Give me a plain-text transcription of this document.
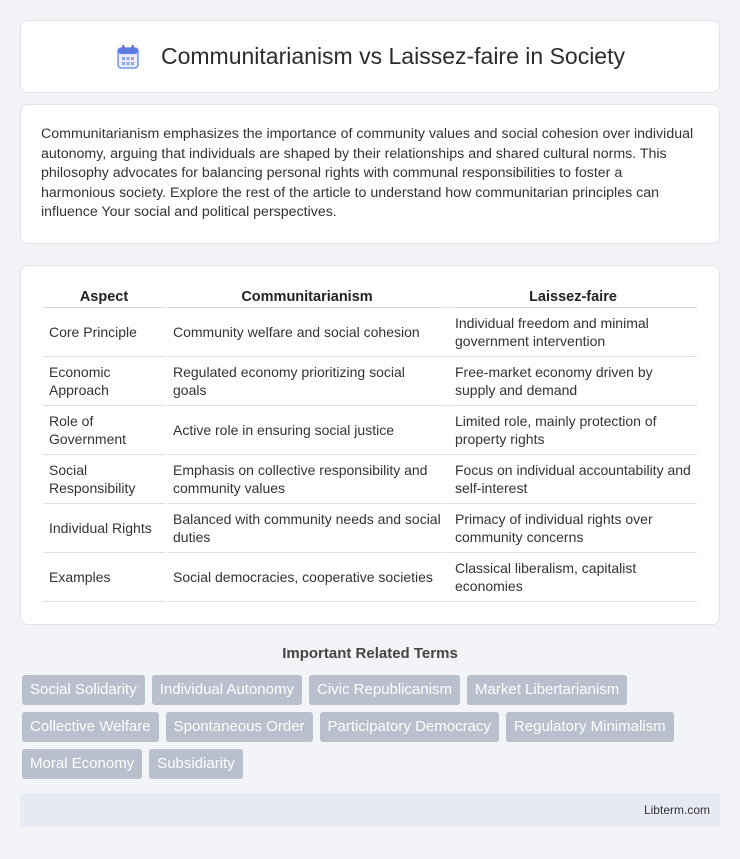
Communitarianism vs Laissez-faire in Society

Communitarianism emphasizes the importance of community values and social cohesion over individual autonomy, arguing that individuals are shaped by their relationships and shared cultural norms. This philosophy advocates for balancing personal rights with communal responsibilities to foster a harmonious society. Explore the rest of the article to understand how communitarian principles can influence Your social and political perspectives.

Aspect	Communitarianism	Laissez-faire
Core Principle	Community welfare and social cohesion	Individual freedom and minimal government intervention
Economic Approach	Regulated economy prioritizing social goals	Free-market economy driven by supply and demand
Role of Government	Active role in ensuring social justice	Limited role, mainly protection of property rights
Social Responsibility	Emphasis on collective responsibility and community values	Focus on individual accountability and self-interest
Individual Rights	Balanced with community needs and social duties	Primacy of individual rights over community concerns
Examples	Social democracies, cooperative societies	Classical liberalism, capitalist economies
Important Related Terms
Social Solidarity	Individual Autonomy	Civic Republicanism	Market Libertarianism
Collective Welfare	Spontaneous Order	Participatory Democracy	Regulatory Minimalism
Moral Economy	Subsidiarity
Libterm.com
